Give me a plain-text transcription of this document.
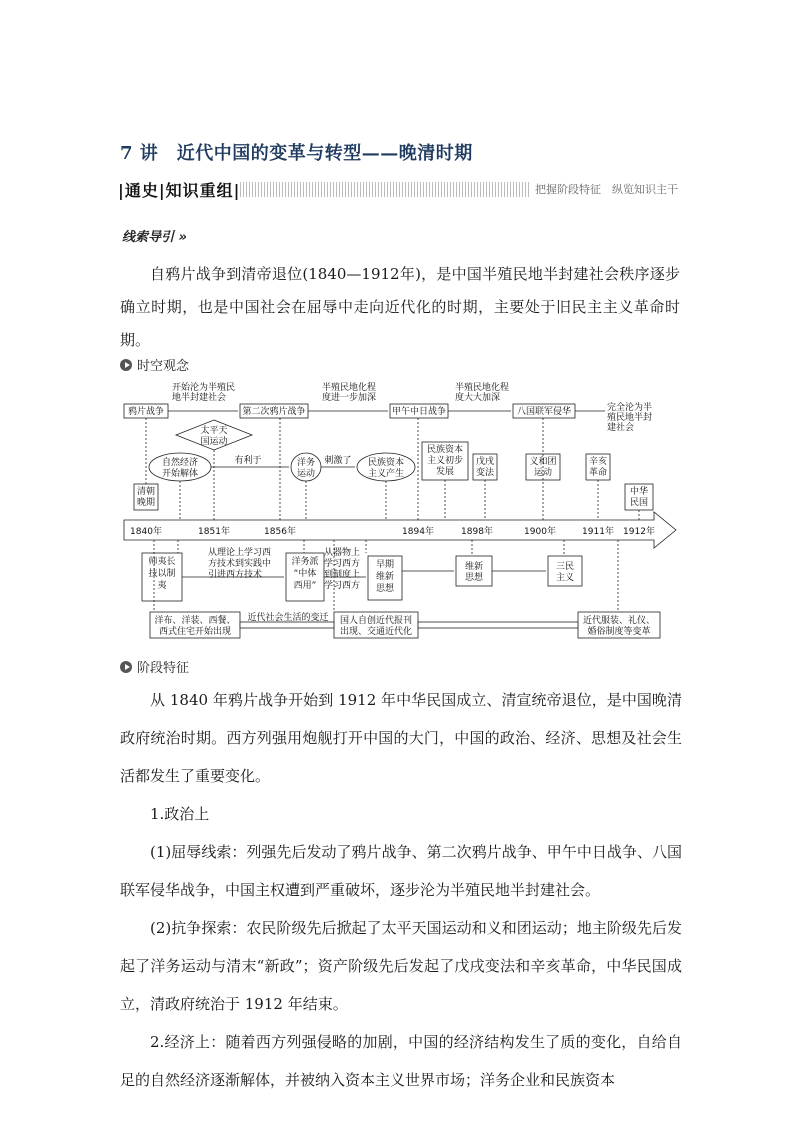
7 讲　近代中国的变革与转型——晚清时期
|通史|知识重组|	把握阶段特征　纵览知识主干
线索导引 »
自鸦片战争到清帝退位(1840—1912年)，是中国半殖民地半封建社会秩序逐步确立时期，也是中国社会在屈辱中走向近代化的时期，主要处于旧民主主义革命时期。
时空观念
鸦片战争	第二次鸦片战争	甲午中日战争	八国联军侵华
开始沦为半殖民
地半封建社会
半殖民地化程
度进一步加深
半殖民地化程
度大大加深
完全沦为半
殖民地半封
建社会
太平天
国运动
自然经济
开始解体
有利于	洋务
运动
刺激了 民族资本
主义产生
民族资本
主义初步
发展
戊戌
变法
义和团
运动
辛亥
革命
清朝
晚期
中华
民国
1840年	1851年	1856年	1894年	1898年	1900年	1911年 1912年
师夷长
技以制
夷
洋务派
“中体
西用”
早期
维新
思想
维新
思想
三民
主义
从理论上学习西
方技术到实践中
引进西方技术
从器物上
学习西方
到制度上
学习西方
洋布、洋装、西餐、
西式住宅开始出现
近代社会生活的变迁 国人自创近代报刊
出现、交通近代化
近代服装、礼仪、
婚俗制度等变革
阶段特征

从 1840 年鸦片战争开始到 1912 年中华民国成立、清宣统帝退位，是中国晚清政府统治时期。西方列强用炮舰打开中国的大门，中国的政治、经济、思想及社会生活都发生了重要变化。

1.政治上

(1)屈辱线索：列强先后发动了鸦片战争、第二次鸦片战争、甲午中日战争、八国联军侵华战争，中国主权遭到严重破坏，逐步沦为半殖民地半封建社会。

(2)抗争探索：农民阶级先后掀起了太平天国运动和义和团运动；地主阶级先后发起了洋务运动与清末“新政”；资产阶级先后发起了戊戌变法和辛亥革命，中华民国成立，清政府统治于 1912 年结束。

2.经济上：随着西方列强侵略的加剧，中国的经济结构发生了质的变化，自给自足的自然经济逐渐解体，并被纳入资本主义世界市场；洋务企业和民族资本
